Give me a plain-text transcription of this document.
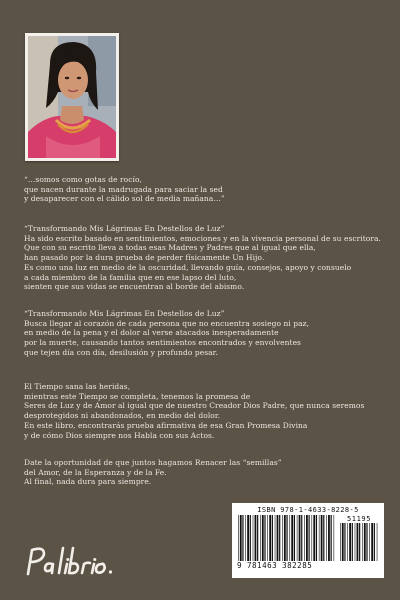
“…somos como gotas de rocío,

que nacen durante la madrugada para saciar la sed

y desaparecer con el cálido sol de media mañana…”

“Transformando Mis Lágrimas En Destellos de Luz”

Ha sido escrito basado en sentimientos, emociones y en la vivencia personal de su escritora.

Que con su escrito lleva a todas esas Madres y Padres que al igual que ella,

han pasado por la dura prueba de perder físicamente Un Hijo.

Es como una luz en medio de la oscuridad, llevando guía, consejos, apoyo y consuelo

a cada miembro de la familia que en ese lapso del luto,

sienten que sus vidas se encuentran al borde del abismo.

“Transformando Mis Lágrimas En Destellos de Luz”

Busca llegar al corazón de cada persona que no encuentra sosiego ni paz,

en medio de la pena y el dolor al verse atacados inesperadamente

por la muerte, causando tantos sentimientos encontrados y envolventes

que tejen día con día, desilusión y profundo pesar.

El Tiempo sana las heridas,

mientras este Tiempo se completa, tenemos la promesa de

Seres de Luz y de Amor al igual que de nuestro Creador Dios Padre, que nunca seremos

desprotegidos ni abandonados, en medio del dolor.

En este libro, encontrarás prueba afirmativa de esa Gran Promesa Divina

y de cómo Dios siempre nos Habla con sus Actos.

Date la oportunidad de que juntos hagamos Renacer las “semillas”

del Amor, de la Esperanza y de la Fe.

Al final, nada dura para siempre.

ISBN 978-1-4633-8228-5
51195
9 781463 382285
